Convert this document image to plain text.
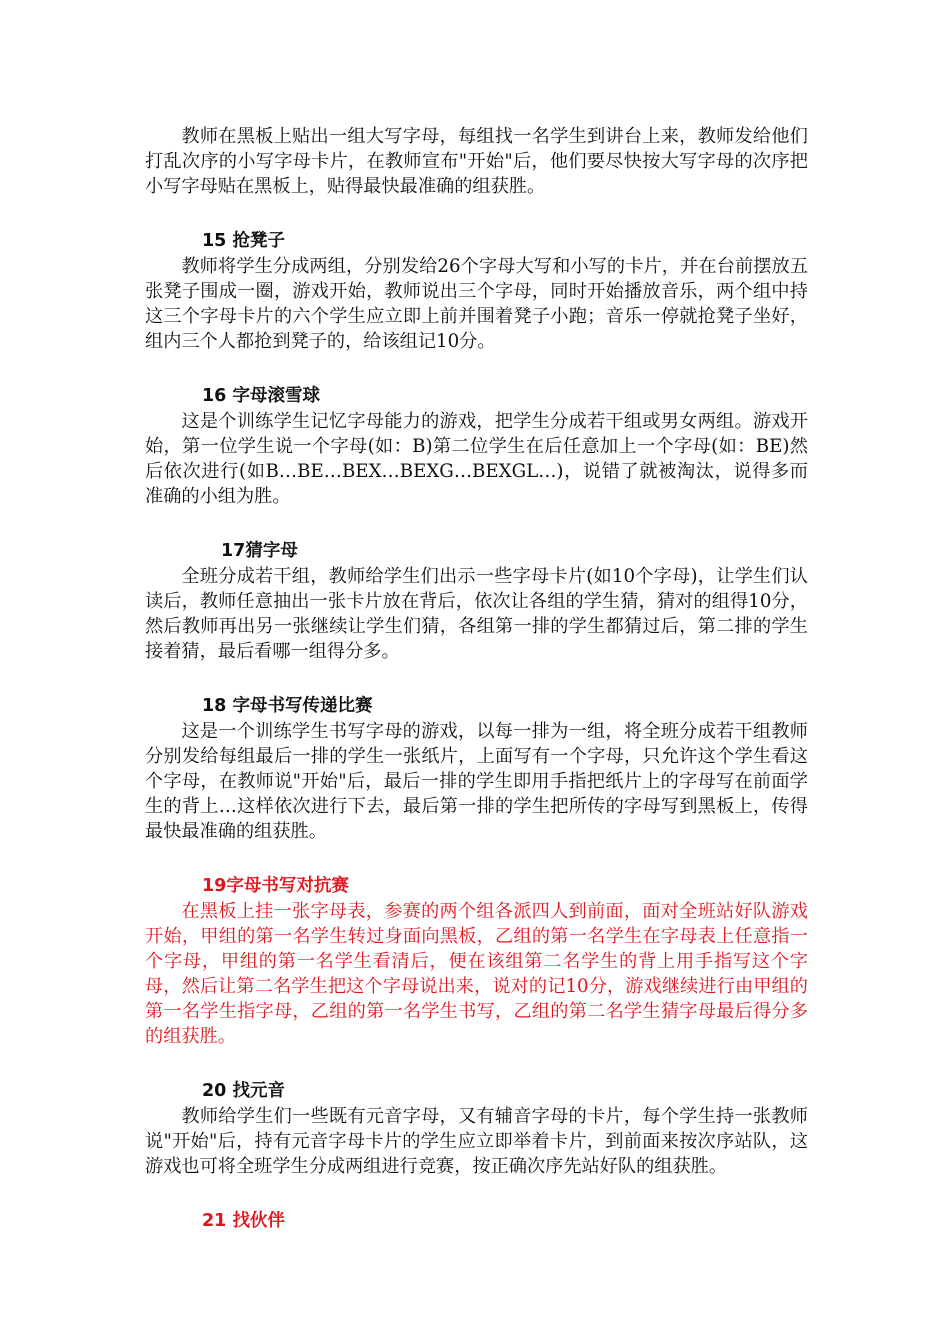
教师在黑板上贴出一组大写字母，每组找一名学生到讲台上来，教师发给他们打乱次序的小写字母卡片，在教师宣布"开始"后，他们要尽快按大写字母的次序把小写字母贴在黑板上，贴得最快最准确的组获胜。

15 抢凳子

教师将学生分成两组，分别发给26个字母大写和小写的卡片，并在台前摆放五张凳子围成一圈，游戏开始，教师说出三个字母，同时开始播放音乐，两个组中持这三个字母卡片的六个学生应立即上前并围着凳子小跑；音乐一停就抢凳子坐好，组内三个人都抢到凳子的，给该组记10分。

16 字母滚雪球

这是个训练学生记忆字母能力的游戏，把学生分成若干组或男女两组。游戏开始，第一位学生说一个字母(如：B)第二位学生在后任意加上一个字母(如：BE)然后依次进行(如B…BE…BEX…BEXG…BEXGL…)，说错了就被淘汰，说得多而准确的小组为胜。

17猜字母

全班分成若干组，教师给学生们出示一些字母卡片(如10个字母)，让学生们认读后，教师任意抽出一张卡片放在背后，依次让各组的学生猜，猜对的组得10分，然后教师再出另一张继续让学生们猜，各组第一排的学生都猜过后，第二排的学生接着猜，最后看哪一组得分多。

18 字母书写传递比赛

这是一个训练学生书写字母的游戏，以每一排为一组，将全班分成若干组教师分别发给每组最后一排的学生一张纸片，上面写有一个字母，只允许这个学生看这个字母，在教师说"开始"后，最后一排的学生即用手指把纸片上的字母写在前面学生的背上…这样依次进行下去，最后第一排的学生把所传的字母写到黑板上，传得最快最准确的组获胜。

19字母书写对抗赛

在黑板上挂一张字母表，参赛的两个组各派四人到前面，面对全班站好队游戏开始，甲组的第一名学生转过身面向黑板，乙组的第一名学生在字母表上任意指一个字母，甲组的第一名学生看清后，便在该组第二名学生的背上用手指写这个字母，然后让第二名学生把这个字母说出来，说对的记10分，游戏继续进行由甲组的第一名学生指字母，乙组的第一名学生书写，乙组的第二名学生猜字母最后得分多的组获胜。

20 找元音

教师给学生们一些既有元音字母，又有辅音字母的卡片，每个学生持一张教师说"开始"后，持有元音字母卡片的学生应立即举着卡片，到前面来按次序站队，这游戏也可将全班学生分成两组进行竞赛，按正确次序先站好队的组获胜。

21 找伙伴
